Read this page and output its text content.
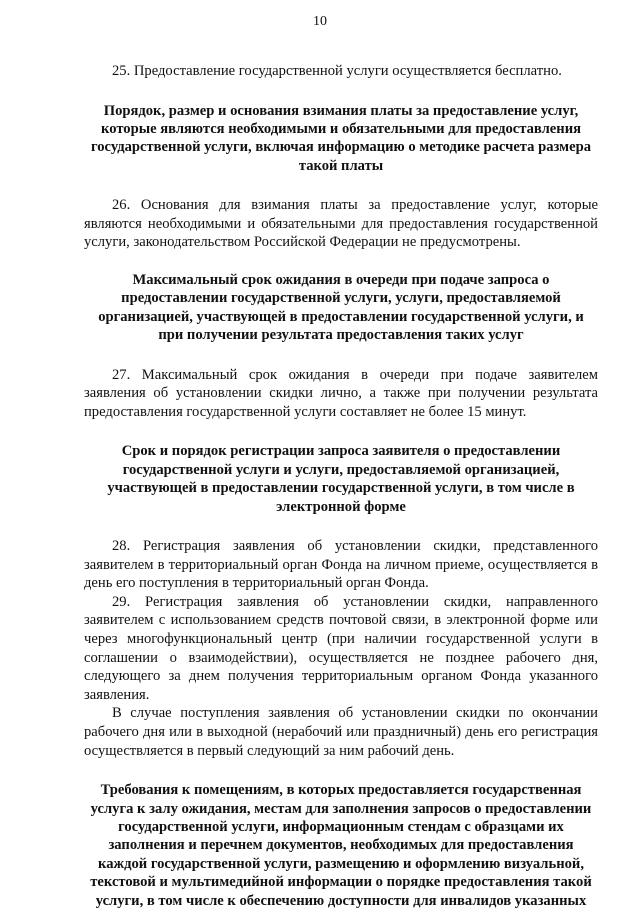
10

25. Предоставление государственной услуги осуществляется бесплатно.

Порядок, размер и основания взимания платы за предоставление услуг, которые являются необходимыми и обязательными для предоставления государственной услуги, включая информацию о методике расчета размера такой платы

26. Основания для взимания платы за предоставление услуг, которые являются необходимыми и обязательными для предоставления государственной услуги, законодательством Российской Федерации не предусмотрены.

Максимальный срок ожидания в очереди при подаче запроса о предоставлении государственной услуги, услуги, предоставляемой организацией, участвующей в предоставлении государственной услуги, и при получении результата предоставления таких услуг

27. Максимальный срок ожидания в очереди при подаче заявителем заявления об установлении скидки лично, а также при получении результата предоставления государственной услуги составляет не более 15 минут.

Срок и порядок регистрации запроса заявителя о предоставлении государственной услуги и услуги, предоставляемой организацией, участвующей в предоставлении государственной услуги, в том числе в электронной форме

28. Регистрация заявления об установлении скидки, представленного заявителем в территориальный орган Фонда на личном приеме, осуществляется в день его поступления в территориальный орган Фонда.

29. Регистрация заявления об установлении скидки, направленного заявителем с использованием средств почтовой связи, в электронной форме или через многофункциональный центр (при наличии государственной услуги в соглашении о взаимодействии), осуществляется не позднее рабочего дня, следующего за днем получения территориальным органом Фонда указанного заявления.

В случае поступления заявления об установлении скидки по окончании рабочего дня или в выходной (нерабочий или праздничный) день его регистрация осуществляется в первый следующий за ним рабочий день.

Требования к помещениям, в которых предоставляется государственная услуга к залу ожидания, местам для заполнения запросов о предоставлении государственной услуги, информационным стендам с образцами их заполнения и перечнем документов, необходимых для предоставления каждой государственной услуги, размещению и оформлению визуальной, текстовой и мультимедийной информации о порядке предоставления такой услуги, в том числе к обеспечению доступности для инвалидов указанных
